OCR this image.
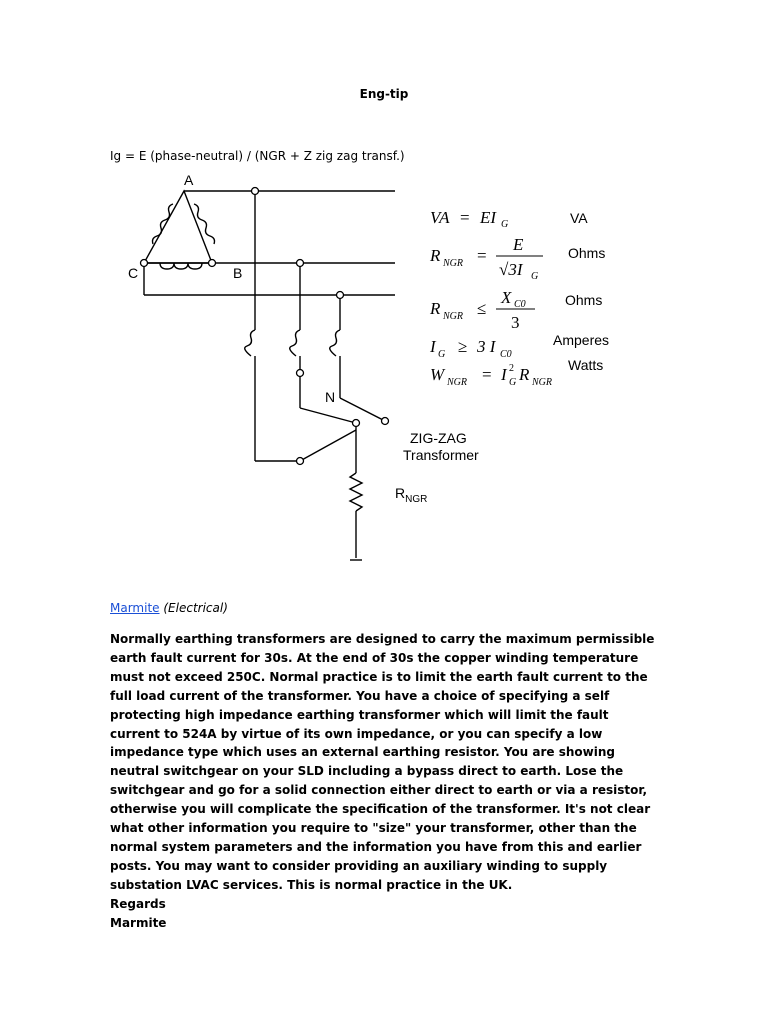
Eng-tip
Ig = E (phase-neutral) / (NGR + Z zig zag transf.)
A
C	B
N
ZIG-ZAG
Transformer
$R_{NGR}$
VA = EI G	VA
R NGR =
E
√3I G
Ohms
R NGR ≤
X C0
3
Ohms
I G ≥ 3 I C0
Amperes
W NGR = I 2
G R NGR
Watts
Marmite (Electrical)

Normally earthing transformers are designed to carry the maximum permissible earth fault current for 30s. At the end of 30s the copper winding temperature must not exceed 250C. Normal practice is to limit the earth fault current to the full load current of the transformer. You have a choice of specifying a self protecting high impedance earthing transformer which will limit the fault current to 524A by virtue of its own impedance, or you can specify a low impedance type which uses an external earthing resistor. You are showing neutral switchgear on your SLD including a bypass direct to earth. Lose the switchgear and go for a solid connection either direct to earth or via a resistor, otherwise you will complicate the specification of the transformer. It's not clear what other information you require to "size" your transformer, other than the normal system parameters and the information you have from this and earlier posts. You may want to consider providing an auxiliary winding to supply substation LVAC services. This is normal practice in the UK.

Regards

Marmite
